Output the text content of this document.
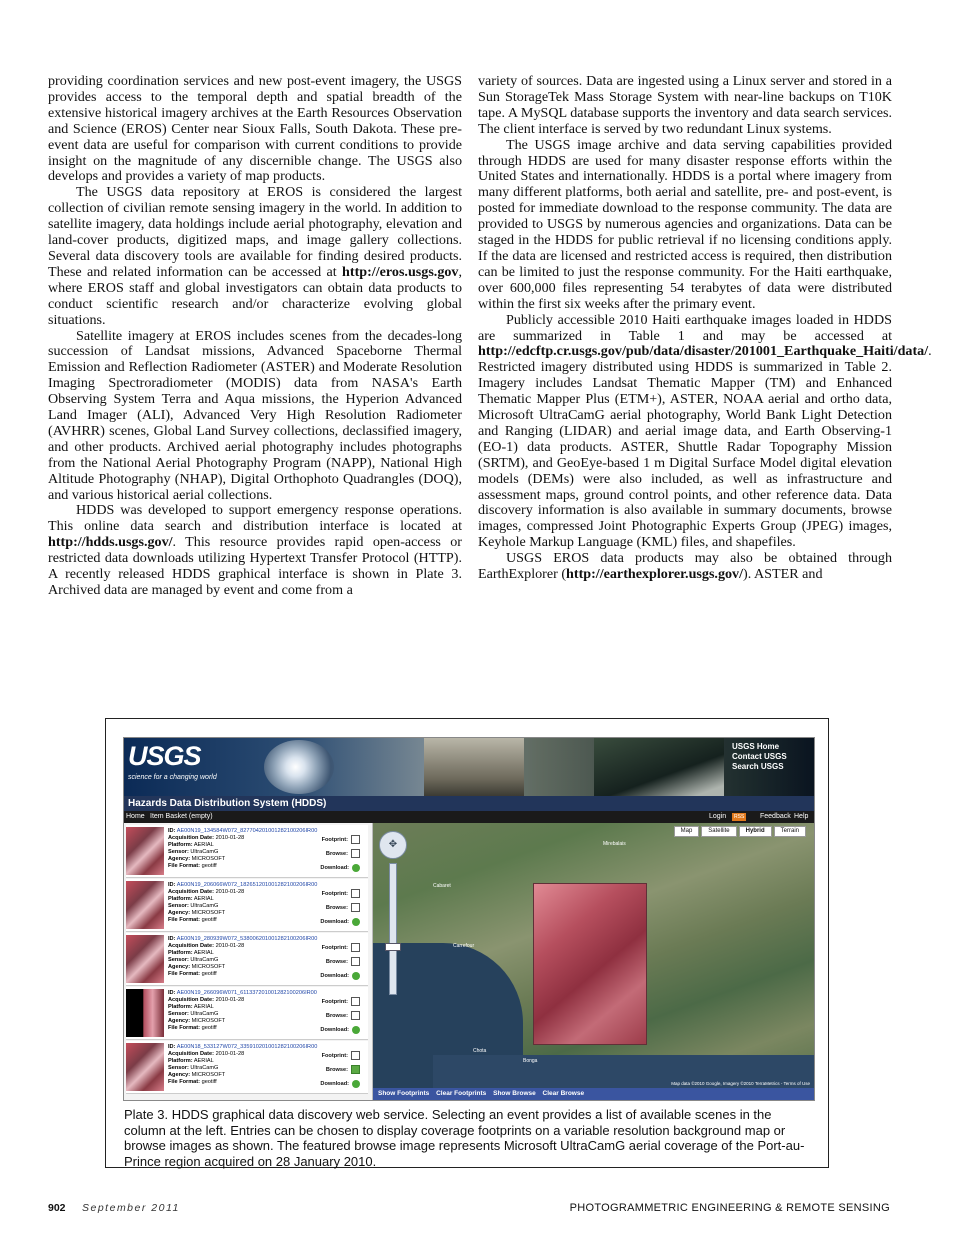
providing coordination services and new post-event imagery, the USGS provides access to the temporal depth and spatial breadth of the extensive historical imagery archives at the Earth Resources Observation and Science (EROS) Center near Sioux Falls, South Dakota. These pre-event data are useful for comparison with current conditions to provide insight on the magnitude of any discernible change. The USGS also develops and provides a variety of map products.

The USGS data repository at EROS is considered the largest collection of civilian remote sensing imagery in the world. In addition to satellite imagery, data holdings include aerial photography, elevation and land-cover products, digitized maps, and image gallery collections. Several data discovery tools are available for finding desired products. These and related information can be accessed at http://eros.usgs.gov, where EROS staff and global investigators can obtain data products to conduct scientific research and/or characterize evolving global situations.

Satellite imagery at EROS includes scenes from the decades-long succession of Landsat missions, Advanced Spaceborne Thermal Emission and Reflection Radiometer (ASTER) and Moderate Resolution Imaging Spectroradiometer (MODIS) data from NASA's Earth Observing System Terra and Aqua missions, the Hyperion Advanced Land Imager (ALI), Advanced Very High Resolution Radiometer (AVHRR) scenes, Global Land Survey collections, declassified imagery, and other products. Archived aerial photography includes photographs from the National Aerial Photography Program (NAPP), National High Altitude Photography (NHAP), Digital Orthophoto Quadrangles (DOQ), and various historical aerial collections.

HDDS was developed to support emergency response operations. This online data search and distribution interface is located at http://hdds.usgs.gov/. This resource provides rapid open-access or restricted data downloads utilizing Hypertext Transfer Protocol (HTTP). A recently released HDDS graphical interface is shown in Plate 3. Archived data are managed by event and come from a

variety of sources. Data are ingested using a Linux server and stored in a Sun StorageTek Mass Storage System with near-line backups on T10K tape. A MySQL database supports the inventory and data search services. The client interface is served by two redundant Linux systems.

The USGS image archive and data serving capabilities provided through HDDS are used for many disaster response efforts within the United States and internationally. HDDS is a portal where imagery from many different platforms, both aerial and satellite, pre- and post-event, is posted for immediate download to the response community. The data are provided to USGS by numerous agencies and organizations. Data can be staged in the HDDS for public retrieval if no licensing conditions apply. If the data are licensed and restricted access is required, then distribution can be limited to just the response community. For the Haiti earthquake, over 600,000 files representing 54 terabytes of data were distributed within the first six weeks after the primary event.

Publicly accessible 2010 Haiti earthquake images loaded in HDDS are summarized in Table 1 and may be accessed at http://edcftp.cr.usgs.gov/pub/data/disaster/201001_Earthquake_Haiti/data/. Restricted imagery distributed using HDDS is summarized in Table 2. Imagery includes Landsat Thematic Mapper (TM) and Enhanced Thematic Mapper Plus (ETM+), ASTER, NOAA aerial and ortho data, Microsoft UltraCamG aerial photography, World Bank Light Detection and Ranging (LIDAR) and aerial image data, and Earth Observing-1 (EO-1) data products. ASTER, Shuttle Radar Topography Mission (SRTM), and GeoEye-based 1 m Digital Surface Model digital elevation models (DEMs) were also included, as well as infrastructure and assessment maps, ground control points, and other reference data. Data discovery information is also available in summary documents, browse images, compressed Joint Photographic Experts Group (JPEG) images, Keyhole Markup Language (KML) files, and shapefiles.

USGS EROS data products may also be obtained through EarthExplorer (http://earthexplorer.usgs.gov/). ASTER and

USGS
science for a changing world
USGS Home
Contact USGS
Search USGS
Hazards Data Distribution System (HDDS)
Home Item Basket (empty)	Login	RSS Feedback Help
ID: AE00N19_134584W072_827704201001282100206IR00
Acquisition Date: 2010-01-28
Platform: AERIAL
Sensor: UltraCamG
Agency: MICROSOFT
File Format: geotiff
Footprint:
Browse:
Download:
ID: AE00N19_206066W072_182651201001282100206IR00
Acquisition Date: 2010-01-28
Platform: AERIAL
Sensor: UltraCamG
Agency: MICROSOFT
File Format: geotiff
Footprint:
Browse:
Download:
ID: AE00N19_280939W072_538006201001282100206IR00
Acquisition Date: 2010-01-28
Platform: AERIAL
Sensor: UltraCamG
Agency: MICROSOFT
File Format: geotiff
Footprint:
Browse:
Download:
ID: AE00N19_266096W071_611337201001282100206IR00
Acquisition Date: 2010-01-28
Platform: AERIAL
Sensor: UltraCamG
Agency: MICROSOFT
File Format: geotiff
Footprint:
Browse:
Download:
ID: AE00N18_533127W072_335910201001282100206IR00
Acquisition Date: 2010-01-28
Platform: AERIAL
Sensor: UltraCamG
Agency: MICROSOFT
File Format: geotiff
Footprint:
Browse:
Download:
✥
Map	Satellite	Hybrid	Terrain
Mirebalais
Carrefour
Cabaret
Bonga
Chota
Map data ©2010 Google, Imagery ©2010 TerraMetrics - Terms of Use
Show Footprints Clear Footprints Show Browse Clear Browse
Plate 3. HDDS graphical data discovery web service. Selecting an event provides a list of available scenes in the column at the left. Entries can be chosen to display coverage footprints on a variable resolution background map or browse images as shown. The featured browse image represents Microsoft UltraCamG aerial coverage of the Port-au-Prince region acquired on 28 January 2010.
902 September 2011	PHOTOGRAMMETRIC ENGINEERING & REMOTE SENSING
